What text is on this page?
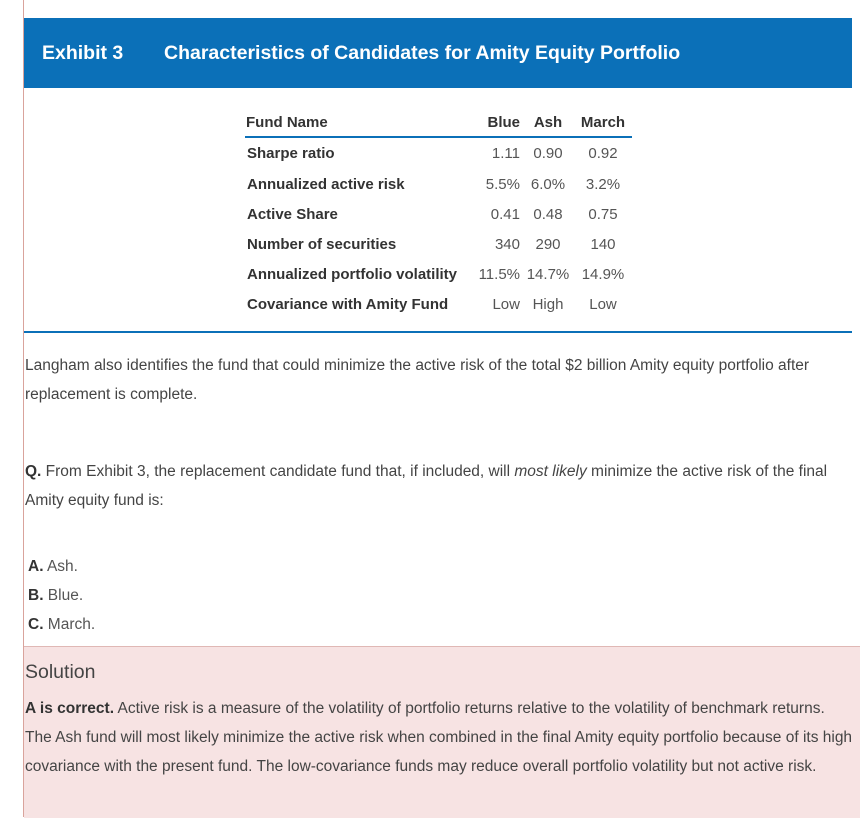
Exhibit 3	Characteristics of Candidates for Amity Equity Portfolio
Fund Name	Blue	Ash	March
Sharpe ratio	1.11	0.90	0.92
Annualized active risk	5.5%	6.0%	3.2%
Active Share	0.41	0.48	0.75
Number of securities	340	290	140
Annualized portfolio volatility	11.5%	14.7%	14.9%
Covariance with Amity Fund	Low	High	Low
Langham also identifies the fund that could minimize the active risk of the total $2 billion Amity equity portfolio after replacement is complete.
Q. From Exhibit 3, the replacement candidate fund that, if included, will most likely minimize the active risk of the final Amity equity fund is:
A. Ash.
B. Blue.
C. March.
Solution
A is correct. Active risk is a measure of the volatility of portfolio returns relative to the volatility of benchmark returns. The Ash fund will most likely minimize the active risk when combined in the final Amity equity portfolio because of its high covariance with the present fund. The low-covariance funds may reduce overall portfolio volatility but not active risk.
